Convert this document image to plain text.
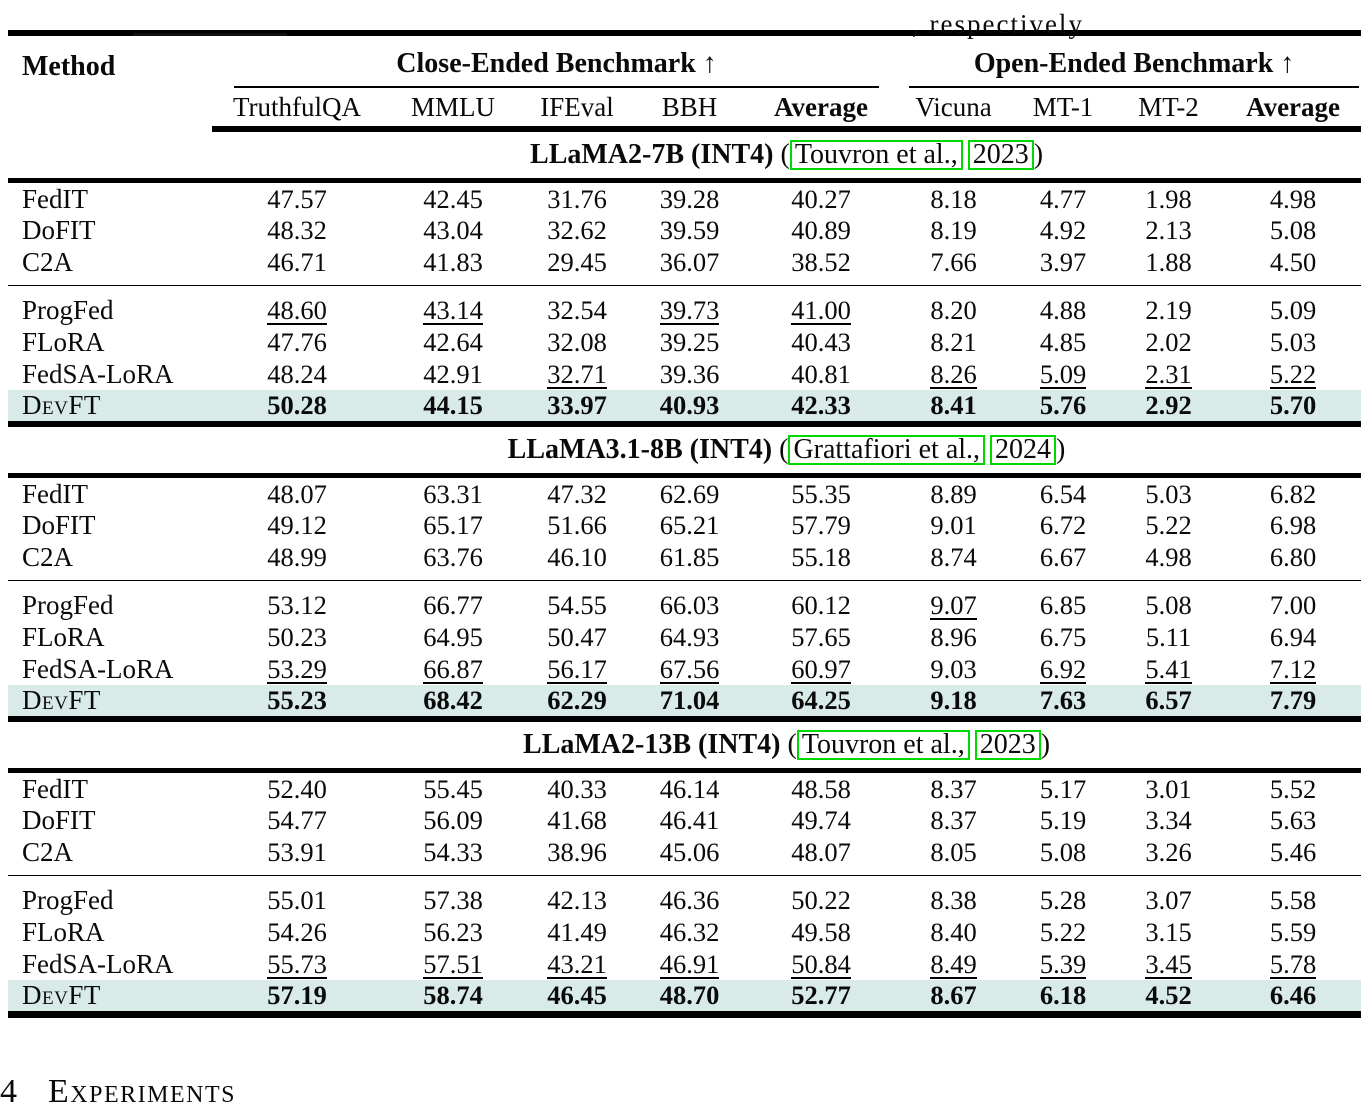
, respectively
Method	Close-Ended Benchmark ↑					Open-Ended Benchmark ↑			

	TruthfulQA	MMLU	IFEval	BBH	Average	Vicuna	MT-1	MT-2	Average
	LLaMA2-7B (INT4) ( Touvron et al., 2023 )								
FedIT	47.57	42.45	31.76	39.28	40.27	8.18	4.77	1.98	4.98
DoFIT	48.32	43.04	32.62	39.59	40.89	8.19	4.92	2.13	5.08
C2A	46.71	41.83	29.45	36.07	38.52	7.66	3.97	1.88	4.50
ProgFed	48.60	43.14	32.54	39.73	41.00	8.20	4.88	2.19	5.09
FLoRA	47.76	42.64	32.08	39.25	40.43	8.21	4.85	2.02	5.03
FedSA-LoRA	48.24	42.91	32.71	39.36	40.81	8.26	5.09	2.31	5.22
DevFT	50.28	44.15	33.97	40.93	42.33	8.41	5.76	2.92	5.70
	LLaMA3.1-8B (INT4) ( Grattafiori et al., 2024 )								
FedIT	48.07	63.31	47.32	62.69	55.35	8.89	6.54	5.03	6.82
DoFIT	49.12	65.17	51.66	65.21	57.79	9.01	6.72	5.22	6.98
C2A	48.99	63.76	46.10	61.85	55.18	8.74	6.67	4.98	6.80
ProgFed	53.12	66.77	54.55	66.03	60.12	9.07	6.85	5.08	7.00
FLoRA	50.23	64.95	50.47	64.93	57.65	8.96	6.75	5.11	6.94
FedSA-LoRA	53.29	66.87	56.17	67.56	60.97	9.03	6.92	5.41	7.12
DevFT	55.23	68.42	62.29	71.04	64.25	9.18	7.63	6.57	7.79
	LLaMA2-13B (INT4) ( Touvron et al., 2023 )								
FedIT	52.40	55.45	40.33	46.14	48.58	8.37	5.17	3.01	5.52
DoFIT	54.77	56.09	41.68	46.41	49.74	8.37	5.19	3.34	5.63
C2A	53.91	54.33	38.96	45.06	48.07	8.05	5.08	3.26	5.46
ProgFed	55.01	57.38	42.13	46.36	50.22	8.38	5.28	3.07	5.58
FLoRA	54.26	56.23	41.49	46.32	49.58	8.40	5.22	3.15	5.59
FedSA-LoRA	55.73	57.51	43.21	46.91	50.84	8.49	5.39	3.45	5.78
DevFT	57.19	58.74	46.45	48.70	52.77	8.67	6.18	4.52	6.46
4 Experiments
